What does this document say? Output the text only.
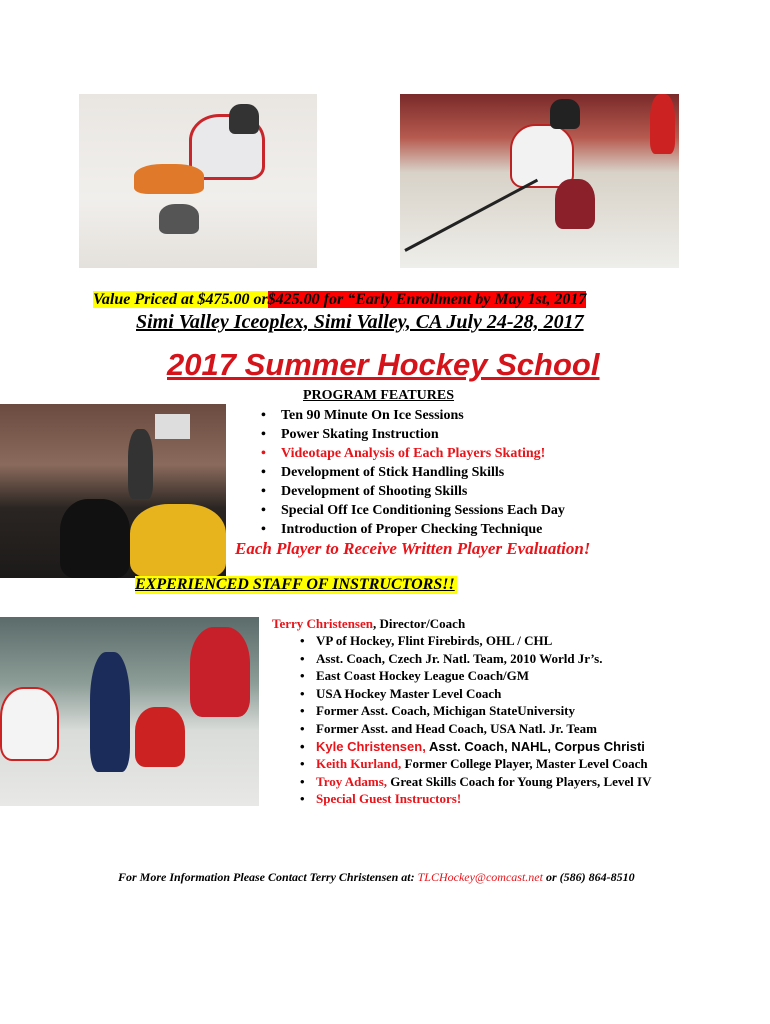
Value Priced at $475.00 or$425.00 for “Early Enrollment by May 1st, 2017
Simi Valley Iceoplex, Simi Valley, CA July 24-28, 2017
2017 Summer Hockey School
PROGRAM FEATURES
• Ten 90 Minute On Ice Sessions
• Power Skating Instruction
• Videotape Analysis of Each Players Skating!
• Development of Stick Handling Skills
• Development of Shooting Skills
• Special Off Ice Conditioning Sessions Each Day
• Introduction of Proper Checking Technique
Each Player to Receive Written Player Evaluation!
EXPERIENCED STAFF OF INSTRUCTORS!!
Terry Christensen, Director/Coach
• VP of Hockey, Flint Firebirds, OHL / CHL
• Asst. Coach, Czech Jr. Natl. Team, 2010 World Jr’s.
• East Coast Hockey League Coach/GM
• USA Hockey Master Level Coach
• Former Asst. Coach, Michigan StateUniversity
• Former Asst. and Head Coach, USA Natl. Jr. Team
• Kyle Christensen, Asst. Coach, NAHL, Corpus Christi
• Keith Kurland, Former College Player, Master Level Coach
• Troy Adams, Great Skills Coach for Young Players, Level IV
• Special Guest Instructors!
For More Information Please Contact Terry Christensen at: TLCHockey@comcast.net or (586) 864-8510
